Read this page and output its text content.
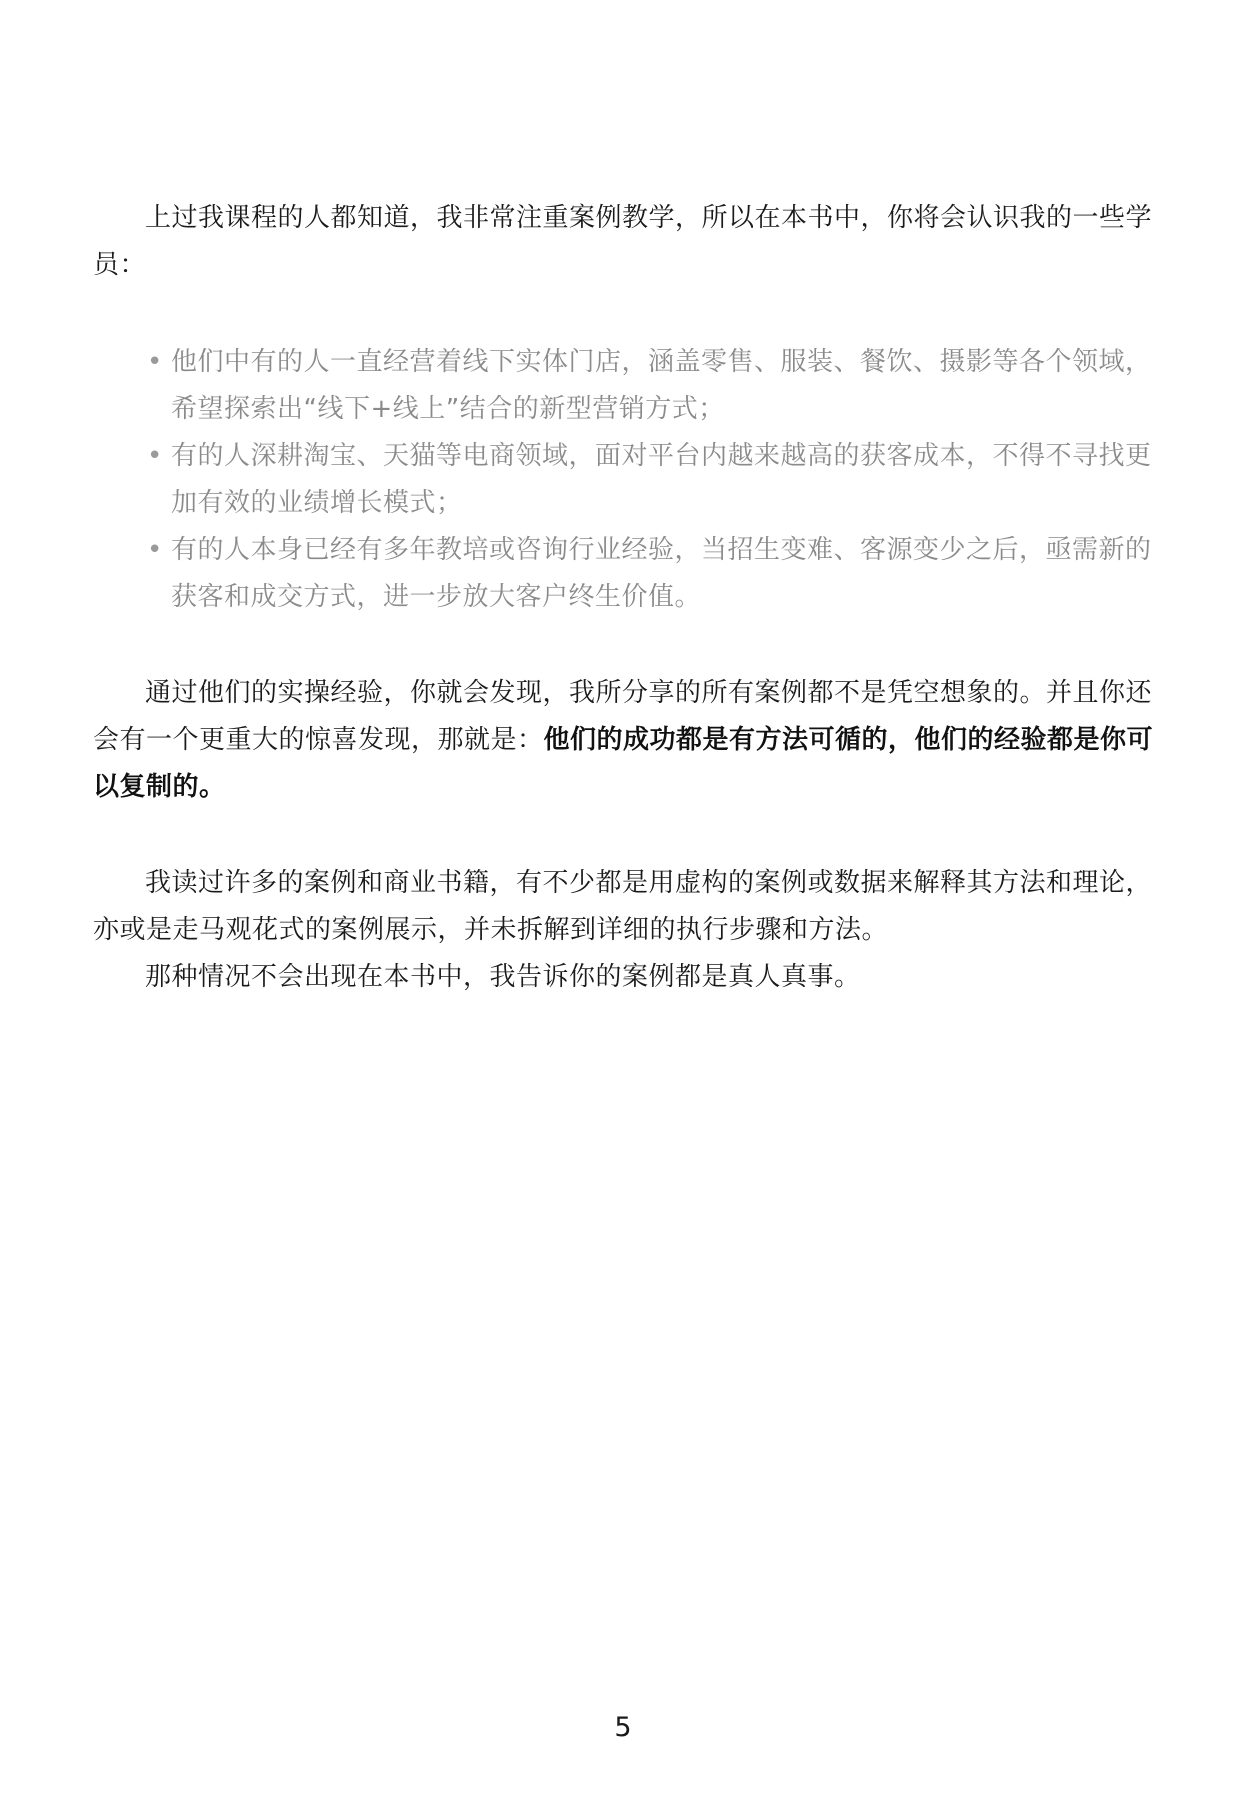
上过我课程的人都知道，我非常注重案例教学，所以在本书中，你将会认识我的一些学员：

• 他们中有的人一直经营着线下实体门店，涵盖零售、服装、餐饮、摄影等各个领域，希望探索出“线下+线上”结合的新型营销方式；
• 有的人深耕淘宝、天猫等电商领域，面对平台内越来越高的获客成本，不得不寻找更加有效的业绩增长模式；
• 有的人本身已经有多年教培或咨询行业经验，当招生变难、客源变少之后，亟需新的获客和成交方式，进一步放大客户终生价值。

通过他们的实操经验，你就会发现，我所分享的所有案例都不是凭空想象的。并且你还会有一个更重大的惊喜发现，那就是：他们的成功都是有方法可循的，他们的经验都是你可以复制的。

我读过许多的案例和商业书籍，有不少都是用虚构的案例或数据来解释其方法和理论，亦或是走马观花式的案例展示，并未拆解到详细的执行步骤和方法。

那种情况不会出现在本书中，我告诉你的案例都是真人真事。

5
